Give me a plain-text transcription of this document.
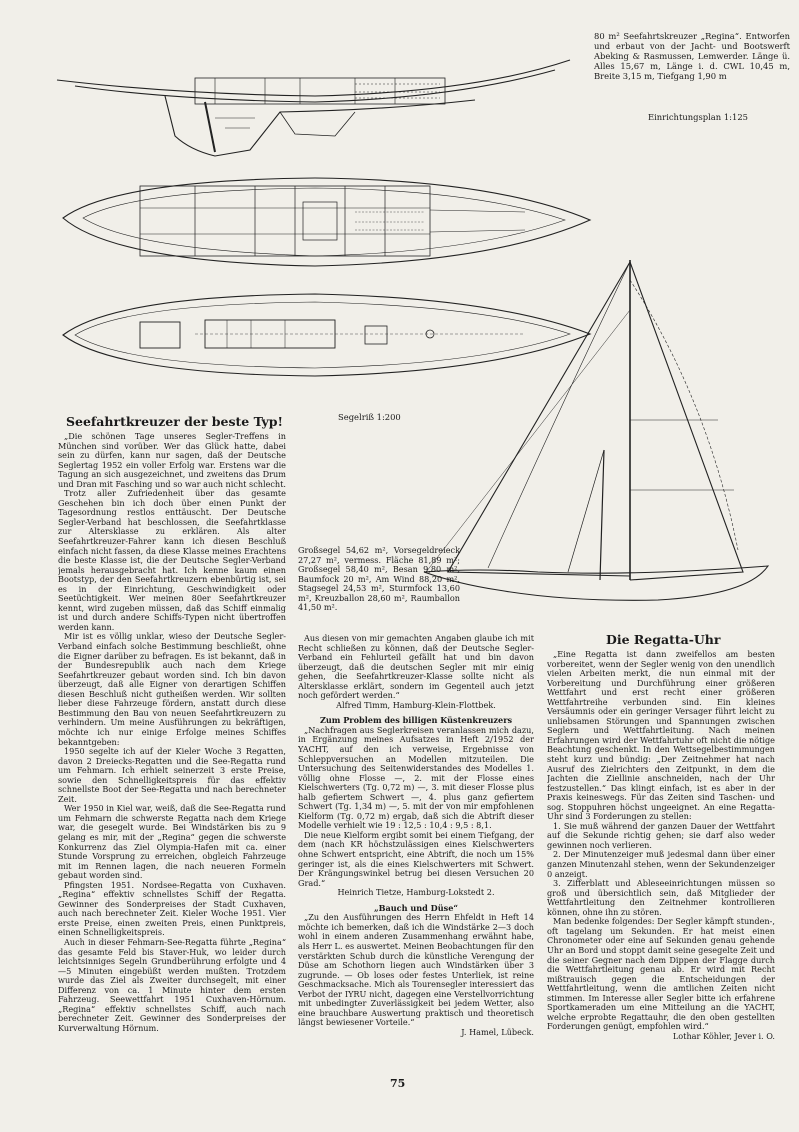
80 m² Seefahrtskreuzer „Regina“. Entworfen und erbaut von der Jacht- und Bootswerft Abeking & Rasmussen, Lemwerder. Länge ü. Alles 15,67 m, Länge i. d. CWL 10,45 m, Breite 3,15 m, Tiefgang 1,90 m
Einrichtungsplan 1:125
Segelriß 1:200
Großsegel 54,62 m², Vorsegeldreieck 27,27 m², vermess. Fläche 81,89 m²; Großsegel 58,40 m², Besan 9,80 m², Baumfock 20 m², Am Wind 88,20 m², Stagsegel 24,53 m², Sturmfock 13,60 m², Kreuzballon 28,60 m², Raumballon 41,50 m².
Seefahrtkreuzer der beste Typ!

„Die schönen Tage unseres Segler-Treffens in München sind vorüber. Wer das Glück hatte, dabei sein zu dürfen, kann nur sagen, daß der Deutsche Seglertag 1952 ein voller Erfolg war. Erstens war die Tagung an sich ausgezeichnet, und zweitens das Drum und Dran mit Fasching und so war auch nicht schlecht.

Trotz aller Zufriedenheit über das gesamte Geschehen bin ich doch über einen Punkt der Tagesordnung restlos enttäuscht. Der Deutsche Segler-Verband hat beschlossen, die Seefahrtklasse zur Altersklasse zu erklären. Als alter Seefahrtkreuzer-Fahrer kann ich diesen Beschluß einfach nicht fassen, da diese Klasse meines Erachtens die beste Klasse ist, die der Deutsche Segler-Verband jemals herausgebracht hat. Ich kenne kaum einen Bootstyp, der den Seefahrtkreuzern ebenbürtig ist, sei es in der Einrichtung, Geschwindigkeit oder Seetüchtigkeit. Wer meinen 80er Seefahrtkreuzer kennt, wird zugeben müssen, daß das Schiff einmalig ist und durch andere Schiffs-Typen nicht übertroffen werden kann.

Mir ist es völlig unklar, wieso der Deutsche Segler-Verband einfach solche Bestimmung beschließt, ohne die Eigner darüber zu befragen. Es ist bekannt, daß in der Bundesrepublik auch nach dem Kriege Seefahrtkreuzer gebaut worden sind. Ich bin davon überzeugt, daß alle Eigner von derartigen Schiffen diesen Beschluß nicht gutheißen werden. Wir sollten lieber diese Fahrzeuge fördern, anstatt durch diese Bestimmung den Bau von neuen Seefahrtkreuzern zu verhindern. Um meine Ausführungen zu bekräftigen, möchte ich nur einige Erfolge meines Schiffes bekanntgeben:

1950 segelte ich auf der Kieler Woche 3 Regatten, davon 2 Dreiecks-Regatten und die See-Regatta rund um Fehmarn. Ich erhielt seinerzeit 3 erste Preise, sowie den Schnelligkeitspreis für das effektiv schnellste Boot der See-Regatta und nach berechneter Zeit.

Wer 1950 in Kiel war, weiß, daß die See-Regatta rund um Fehmarn die schwerste Regatta nach dem Kriege war, die gesegelt wurde. Bei Windstärken bis zu 9 gelang es mir, mit der „Regina“ gegen die schwerste Konkurrenz das Ziel Olympia-Hafen mit ca. einer Stunde Vorsprung zu erreichen, obgleich Fahrzeuge mit im Rennen lagen, die nach neueren Formeln gebaut worden sind.

Pfingsten 1951. Nordsee-Regatta von Cuxhaven. „Regina“ effektiv schnellstes Schiff der Regatta. Gewinner des Sonderpreises der Stadt Cuxhaven, auch nach berechneter Zeit. Kieler Woche 1951. Vier erste Preise, einen zweiten Preis, einen Punktpreis, einen Schnelligkeitspreis.

Auch in dieser Fehmarn-See-Regatta führte „Regina“ das gesamte Feld bis Staver-Huk, wo leider durch leichtsinniges Segeln Grundberührung erfolgte und 4—5 Minuten eingebüßt werden mußten. Trotzdem wurde das Ziel als Zweiter durchsegelt, mit einer Differenz von ca. 1 Minute hinter dem ersten Fahrzeug. Seewettfahrt 1951 Cuxhaven-Hörnum. „Regina“ effektiv schnellstes Schiff, auch nach berechneter Zeit. Gewinner des Sonderpreises der Kurverwaltung Hörnum.

Aus diesen von mir gemachten Angaben glaube ich mit Recht schließen zu können, daß der Deutsche Segler-Verband ein Fehlurteil gefällt hat und bin davon überzeugt, daß die deutschen Segler mit mir einig gehen, die Seefahrtkreuzer-Klasse sollte nicht als Altersklasse erklärt, sondern im Gegenteil auch jetzt noch gefördert werden.“

Alfred Timm, Hamburg-Klein-Flottbek.

Zum Problem des billigen Küstenkreuzers

„Nachfragen aus Seglerkreisen veranlassen mich dazu, in Ergänzung meines Aufsatzes in Heft 2/1952 der YACHT, auf den ich verweise, Ergebnisse von Schleppversuchen an Modellen mitzuteilen. Die Untersuchung des Seitenwiderstandes des Modelles 1. völlig ohne Flosse —, 2. mit der Flosse eines Kielschwerters (Tg. 0,72 m) —, 3. mit dieser Flosse plus halb gefiertem Schwert —, 4. plus ganz gefiertem Schwert (Tg. 1,34 m) —, 5. mit der von mir empfohlenen Kielform (Tg. 0,72 m) ergab, daß sich die Abtrift dieser Modelle verhielt wie 19 : 12,5 : 10,4 : 9,5 : 8,1.

Die neue Kielform ergibt somit bei einem Tiefgang, der dem (nach KR höchstzulässigen eines Kielschwerters ohne Schwert entspricht, eine Abtrift, die noch um 15% geringer ist, als die eines Kielschwerters mit Schwert. Der Krängungswinkel betrug bei diesen Versuchen 20 Grad.“

Heinrich Tietze, Hamburg-Lokstedt 2.

„Bauch und Düse“

„Zu den Ausführungen des Herrn Ehfeldt in Heft 14 möchte ich bemerken, daß ich die Windstärke 2—3 doch wohl in einem anderen Zusammenhang erwähnt habe, als Herr L. es auswertet. Meinen Beobachtungen für den verstärkten Schub durch die künstliche Verengung der Düse am Schothorn liegen auch Windstärken über 3 zugrunde. — Ob loses oder festes Unterliek, ist reine Geschmacksache. Mich als Tourensegler interessiert das Verbot der IYRU nicht, dagegen eine Verstellvorrichtung mit unbedingter Zuverlässigkeit bei jedem Wetter, also eine brauchbare Auswertung praktisch und theoretisch längst bewiesener Vorteile.“

J. Hamel, Lübeck.

Die Regatta-Uhr

„Eine Regatta ist dann zweifellos am besten vorbereitet, wenn der Segler wenig von den unendlich vielen Arbeiten merkt, die nun einmal mit der Vorbereitung und Durchführung einer größeren Wettfahrt und erst recht einer größeren Wettfahrtreihe verbunden sind. Ein kleines Versäumnis oder ein geringer Versager führt leicht zu unliebsamen Störungen und Spannungen zwischen Seglern und Wettfahrtleitung. Nach meinen Erfahrungen wird der Wettfahrtuhr oft nicht die nötige Beachtung geschenkt. In den Wettsegelbestimmungen steht kurz und bündig: „Der Zeitnehmer hat nach Ausruf des Zielrichters den Zeitpunkt, in dem die Jachten die Ziellinie anschneiden, nach der Uhr festzustellen.“ Das klingt einfach, ist es aber in der Praxis keineswegs. Für das Zeiten sind Taschen- und sog. Stoppuhren höchst ungeeignet. An eine Regatta-Uhr sind 3 Forderungen zu stellen:

1. Sie muß während der ganzen Dauer der Wettfahrt auf die Sekunde richtig gehen; sie darf also weder gewinnen noch verlieren.

2. Der Minutenzeiger muß jedesmal dann über einer ganzen Minutenzahl stehen, wenn der Sekundenzeiger 0 anzeigt.

3. Zifferblatt und Ableseeinrichtungen müssen so groß und übersichtlich sein, daß Mitglieder der Wettfahrtleitung den Zeitnehmer kontrollieren können, ohne ihn zu stören.

Man bedenke folgendes: Der Segler kämpft stunden-, oft tagelang um Sekunden. Er hat meist einen Chronometer oder eine auf Sekunden genau gehende Uhr an Bord und stoppt damit seine gesegelte Zeit und die seiner Gegner nach dem Dippen der Flagge durch die Wettfahrtleitung genau ab. Er wird mit Recht mißtrauisch gegen die Entscheidungen der Wettfahrtleitung, wenn die amtlichen Zeiten nicht stimmen. Im Interesse aller Segler bitte ich erfahrene Sportkameraden um eine Mitteilung an die YACHT, welche erprobte Regattauhr, die den oben gestellten Forderungen genügt, empfohlen wird.“

Lothar Köhler, Jever i. O.

75
